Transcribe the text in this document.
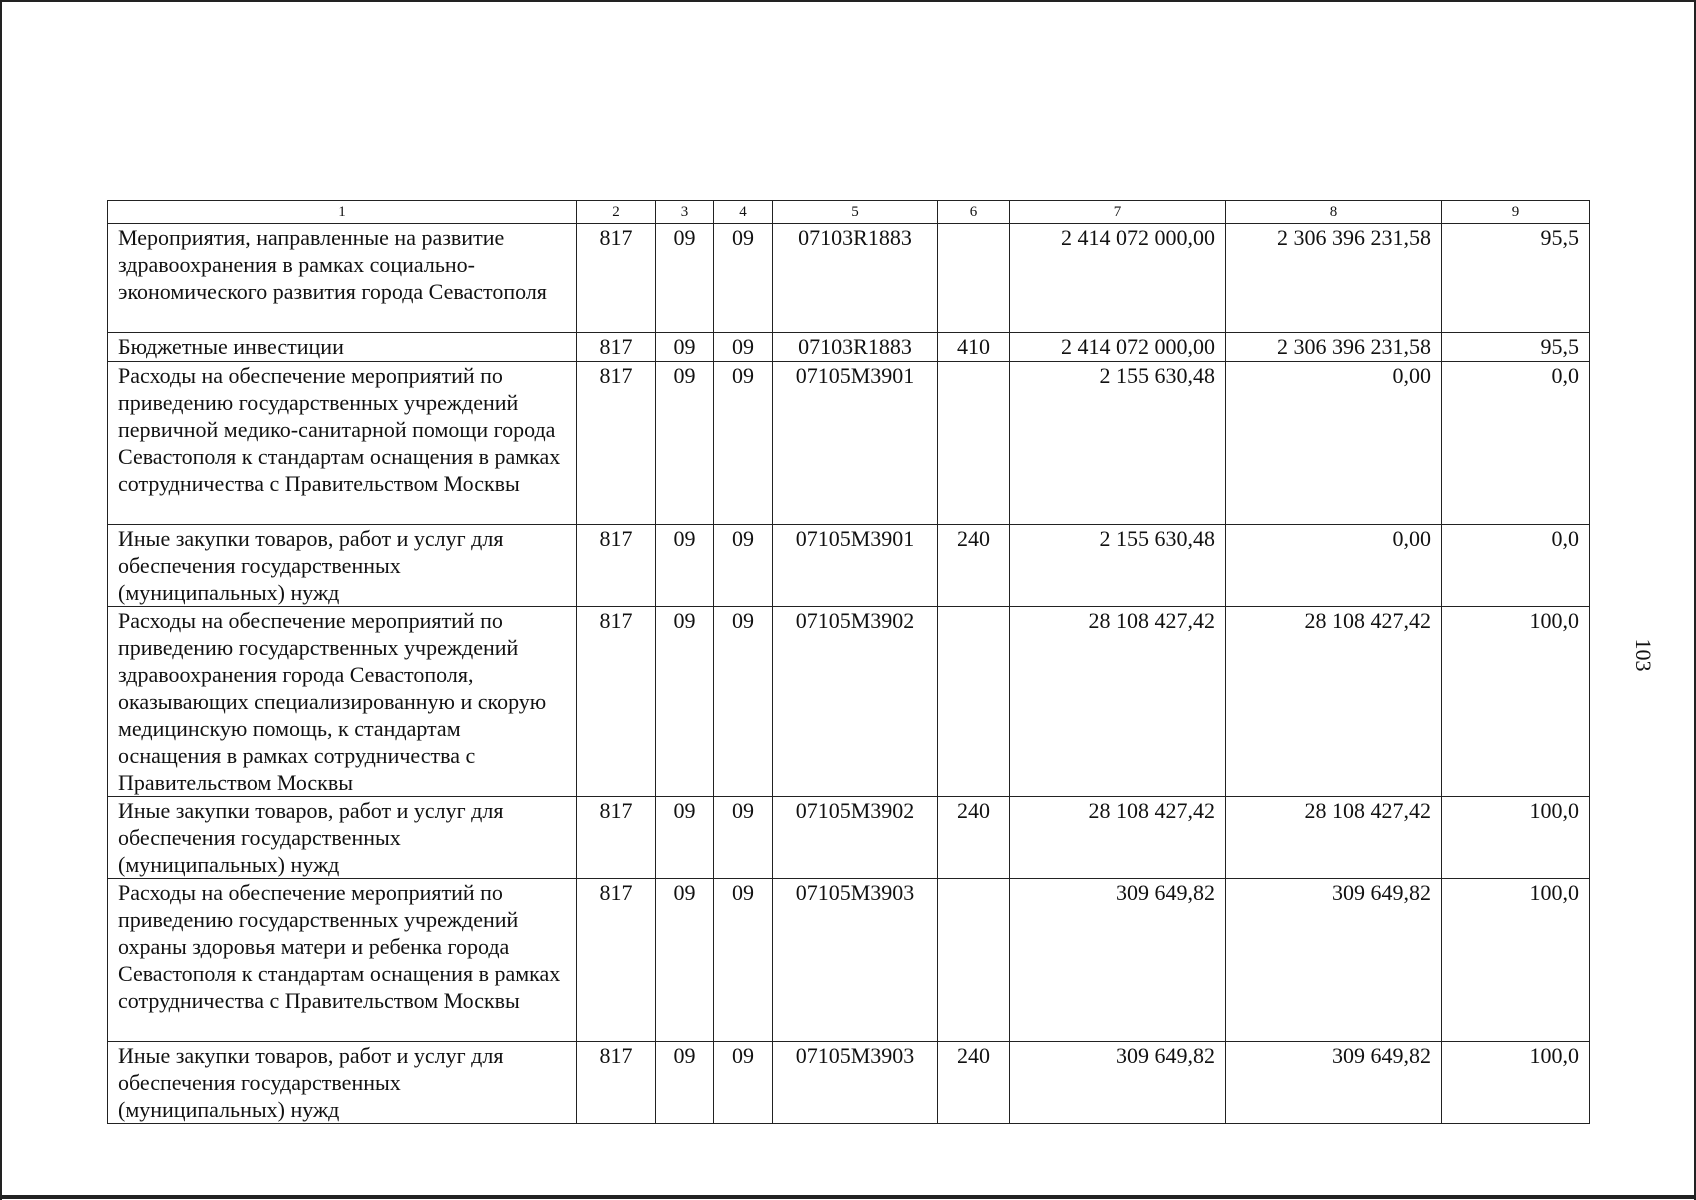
1	2	3	4	5	6	7	8	9
Мероприятия, направленные на развитие здравоохранения в рамках социально-экономического развития города Севастополя	817	09	09	07103R1883		2 414 072 000,00	2 306 396 231,58	95,5
Бюджетные инвестиции	817	09	09	07103R1883	410	2 414 072 000,00	2 306 396 231,58	95,5
Расходы на обеспечение мероприятий по приведению государственных учреждений первичной медико-санитарной помощи города Севастополя к стандартам оснащения в рамках сотрудничества с Правительством Москвы	817	09	09	07105M3901		2 155 630,48	0,00	0,0
Иные закупки товаров, работ и услуг для обеспечения государственных (муниципальных) нужд	817	09	09	07105M3901	240	2 155 630,48	0,00	0,0
Расходы на обеспечение мероприятий по приведению государственных учреждений здравоохранения города Севастополя, оказывающих специализированную и скорую медицинскую помощь, к стандартам оснащения в рамках сотрудничества с Правительством Москвы	817	09	09	07105M3902		28 108 427,42	28 108 427,42	100,0
Иные закупки товаров, работ и услуг для обеспечения государственных (муниципальных) нужд	817	09	09	07105M3902	240	28 108 427,42	28 108 427,42	100,0
Расходы на обеспечение мероприятий по приведению государственных учреждений охраны здоровья матери и ребенка города Севастополя к стандартам оснащения в рамках сотрудничества с Правительством Москвы	817	09	09	07105M3903		309 649,82	309 649,82	100,0
Иные закупки товаров, работ и услуг для обеспечения государственных (муниципальных) нужд	817	09	09	07105M3903	240	309 649,82	309 649,82	100,0
103
